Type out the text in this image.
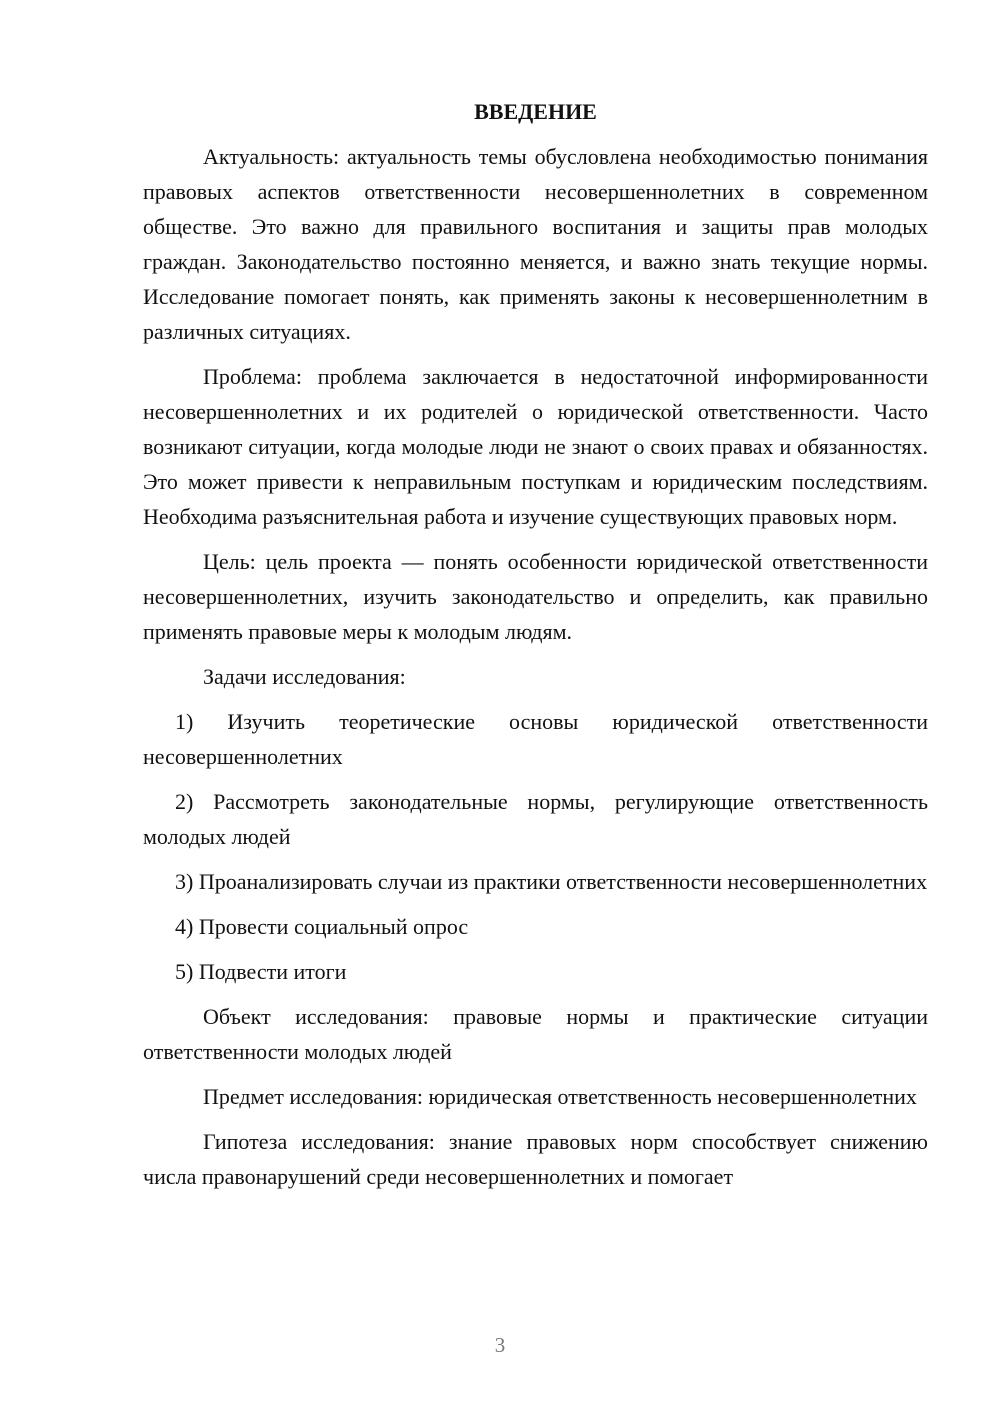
ВВЕДЕНИЕ

Актуальность: актуальность темы обусловлена необходимостью понимания правовых аспектов ответственности несовершеннолетних в современном обществе. Это важно для правильного воспитания и защиты прав молодых граждан. Законодательство постоянно меняется, и важно знать текущие нормы. Исследование помогает понять, как применять законы к несовершеннолетним в различных ситуациях.

Проблема: проблема заключается в недостаточной информированности несовершеннолетних и их родителей о юридической ответственности. Часто возникают ситуации, когда молодые люди не знают о своих правах и обязанностях. Это может привести к неправильным поступкам и юридическим последствиям. Необходима разъяснительная работа и изучение существующих правовых норм.

Цель: цель проекта — понять особенности юридической ответственности несовершеннолетних, изучить законодательство и определить, как правильно применять правовые меры к молодым людям.

Задачи исследования:

1) Изучить теоретические основы юридической ответственности несовершеннолетних

2) Рассмотреть законодательные нормы, регулирующие ответственность молодых людей

3) Проанализировать случаи из практики ответственности несовершеннолетних

4) Провести социальный опрос

5) Подвести итоги

Объект исследования: правовые нормы и практические ситуации ответственности молодых людей

Предмет исследования: юридическая ответственность несовершеннолетних

Гипотеза исследования: знание правовых норм способствует снижению числа правонарушений среди несовершеннолетних и помогает

3
